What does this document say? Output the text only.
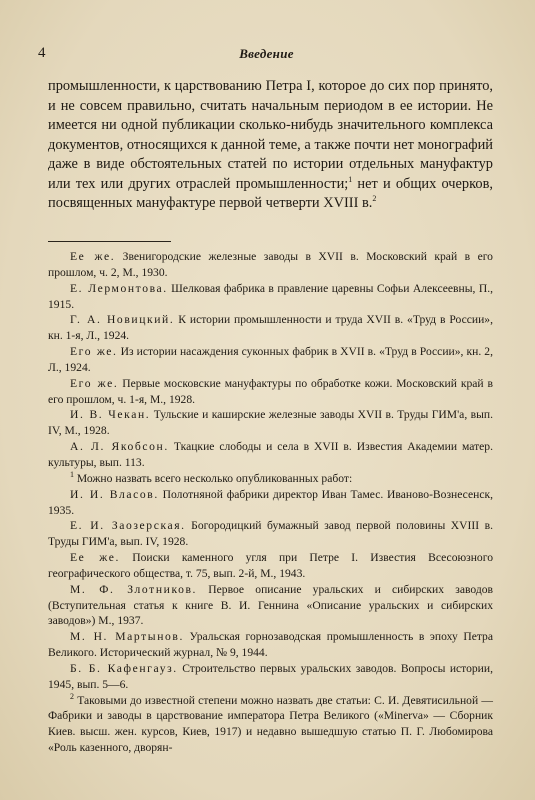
4	Введение

промышленности, к царствованию Петра I, которое до сих пор принято, и не совсем правильно, считать начальным периодом в ее истории. Не имеется ни одной публикации сколько-нибудь значительного комплекса документов, относящихся к данной теме, а также почти нет монографий даже в виде обстоятельных статей по истории отдельных мануфактур или тех или других отраслей промышленности;$^1$ нет и общих очерков, посвященных мануфактуре первой четверти XVIII в.$^2$

Ее же. Звенигородские железные заводы в XVII в. Московский край в его прошлом, ч. 2, М., 1930.

Е. Лермонтова. Шелковая фабрика в правление царевны Софьи Алексеевны, П., 1915.

Г. А. Новицкий. К истории промышленности и труда XVII в. «Труд в России», кн. 1-я, Л., 1924.

Его же. Из истории насаждения суконных фабрик в XVII в. «Труд в России», кн. 2, Л., 1924.

Его же. Первые московские мануфактуры по обработке кожи. Московский край в его прошлом, ч. 1-я, М., 1928.

И. В. Чекан. Тульские и каширские железные заводы XVII в. Труды ГИМ'а, вып. IV, М., 1928.

А. Л. Якобсон. Ткацкие слободы и села в XVII в. Известия Академии матер. культуры, вып. 113.

$^1$ Можно назвать всего несколько опубликованных работ:

И. И. Власов. Полотняной фабрики директор Иван Тамес. Иваново-Вознесенск, 1935.

Е. И. Заозерская. Богородицкий бумажный завод первой половины XVIII в. Труды ГИМ'а, вып. IV, 1928.

Ее же. Поиски каменного угля при Петре I. Известия Всесоюзного географического общества, т. 75, вып. 2-й, М., 1943.

М. Ф. Злотников. Первое описание уральских и сибирских заводов (Вступительная статья к книге В. И. Геннина «Описание уральских и сибирских заводов») М., 1937.

М. Н. Мартынов. Уральская горнозаводская промышленность в эпоху Петра Великого. Исторический журнал, № 9, 1944.

Б. Б. Кафенгауз. Строительство первых уральских заводов. Вопросы истории, 1945, вып. 5—6.

$^2$ Таковыми до известной степени можно назвать две статьи: С. И. Девятисильной — Фабрики и заводы в царствование императора Петра Великого («Minerva» — Сборник Киев. высш. жен. курсов, Киев, 1917) и недавно вышедшую статью П. Г. Любомирова «Роль казенного, дворян-
